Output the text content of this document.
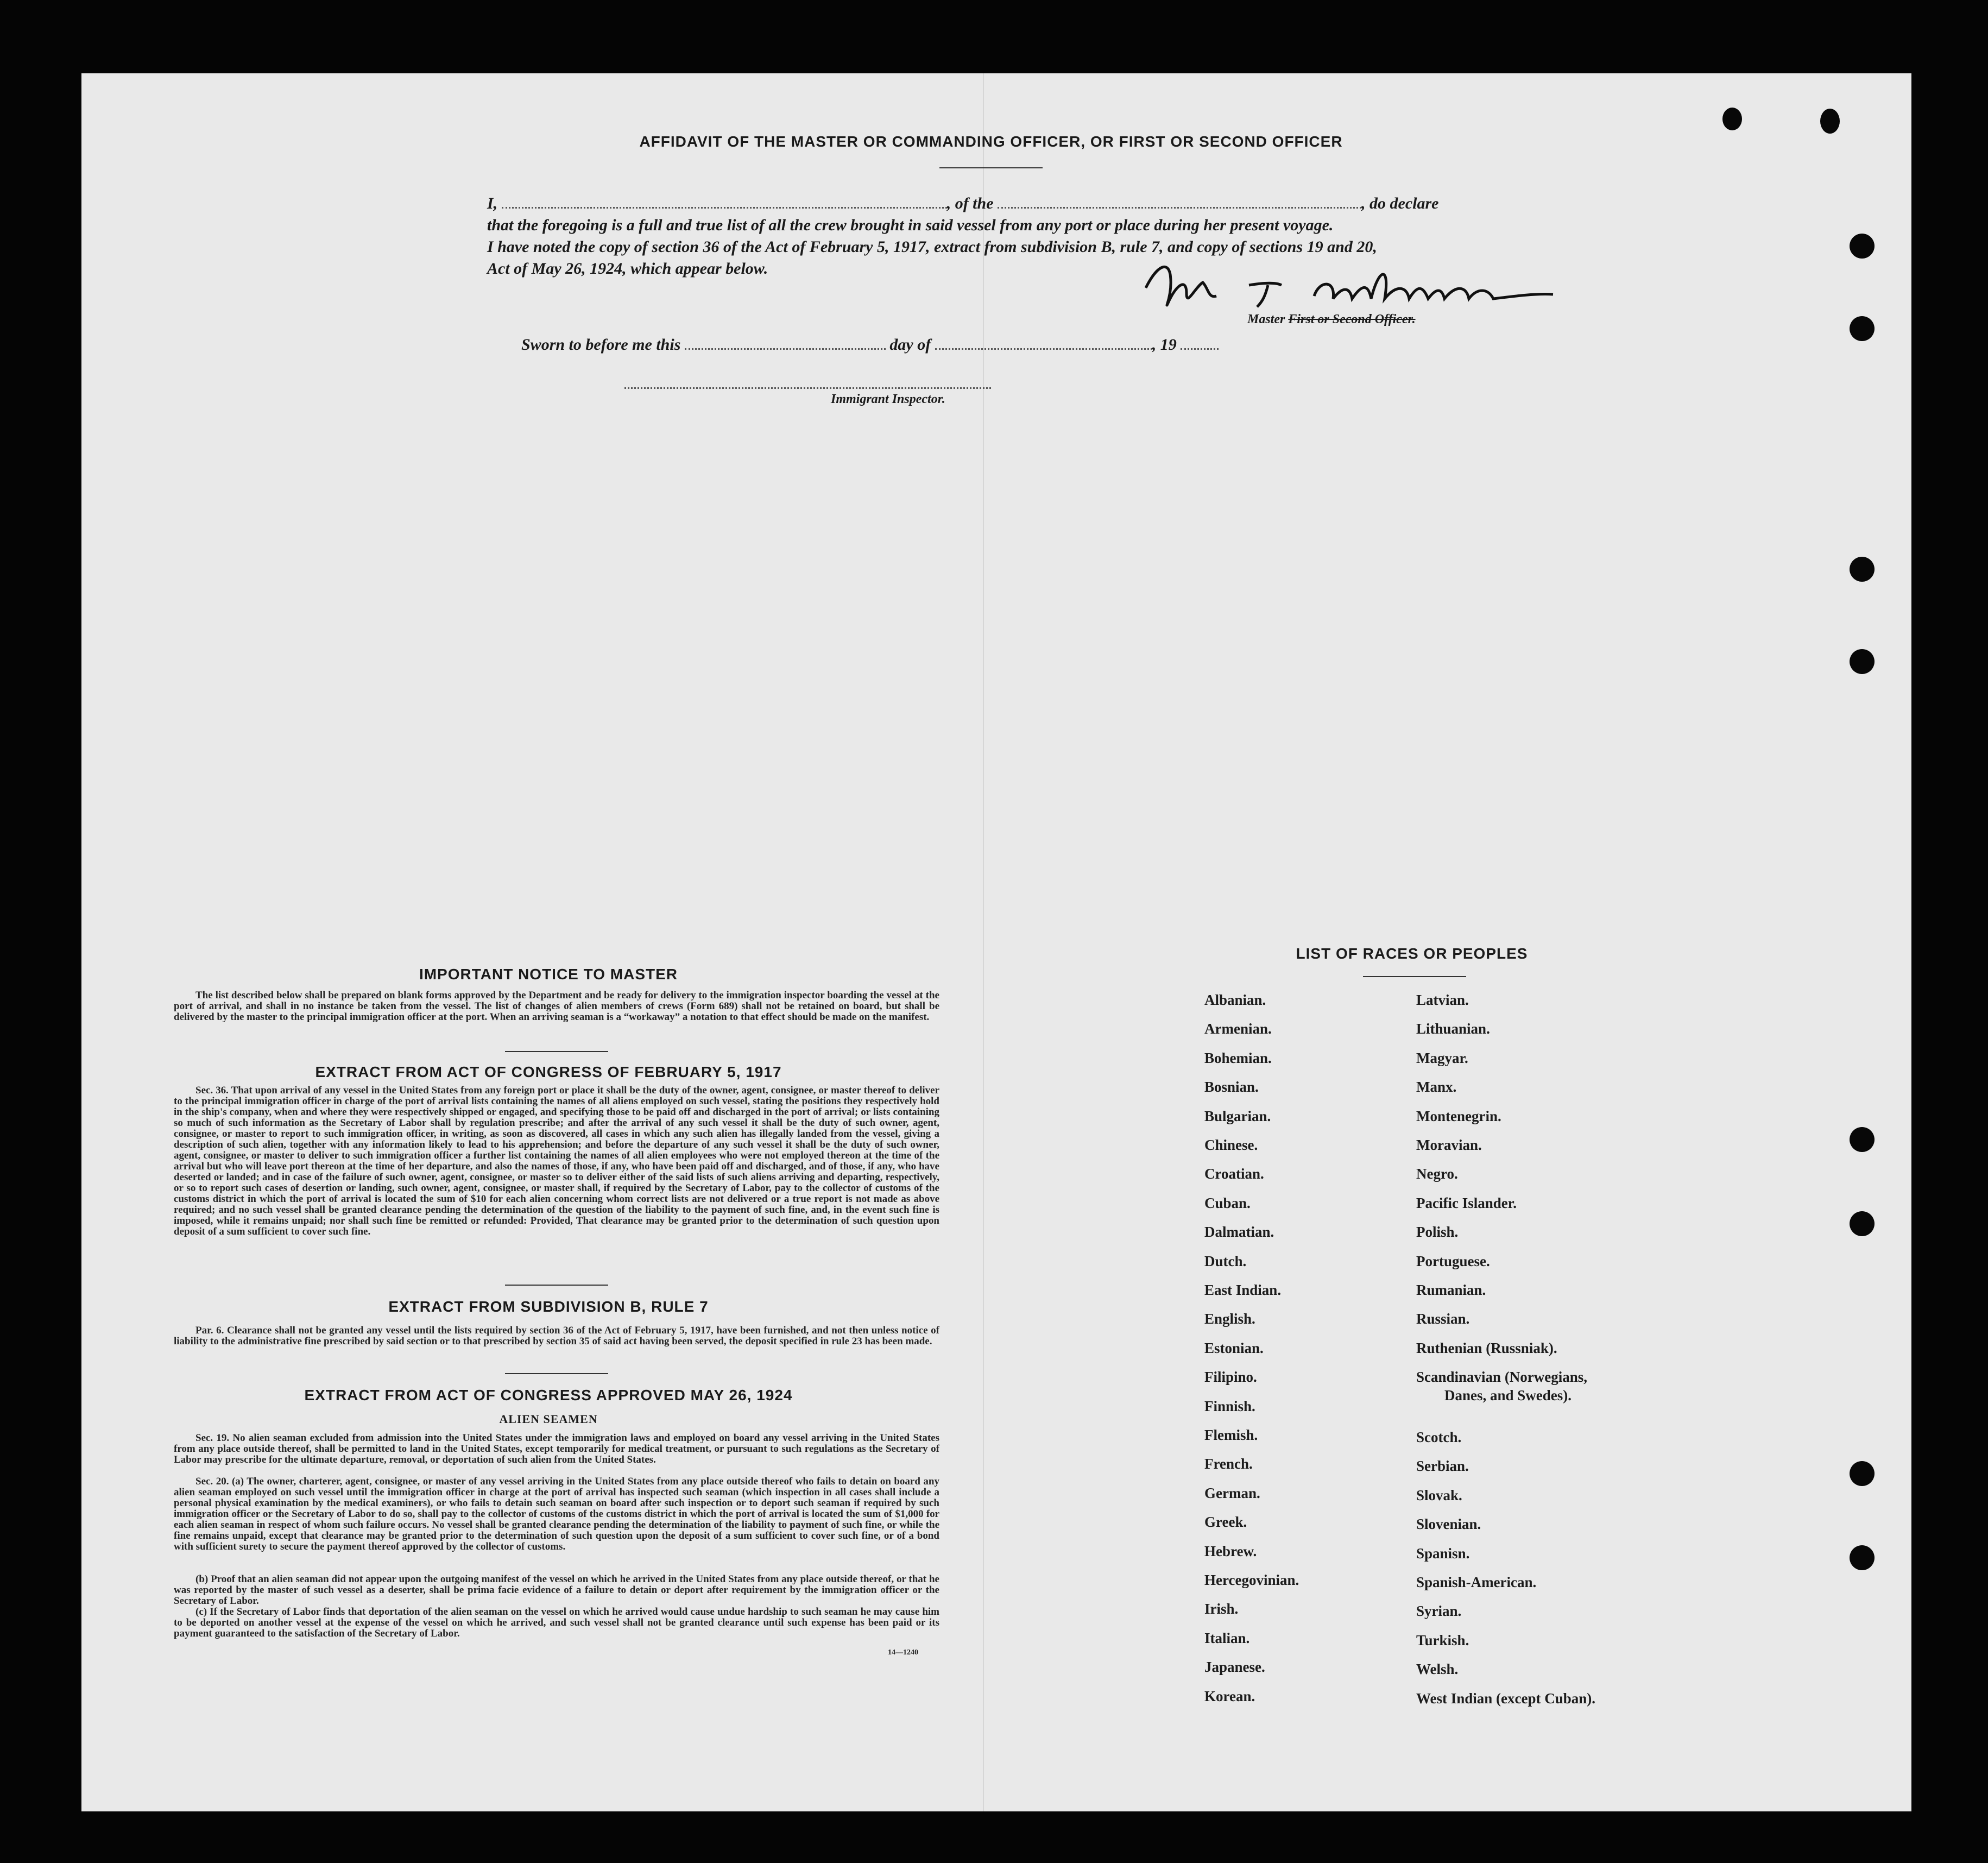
AFFIDAVIT OF THE MASTER OR COMMANDING OFFICER, OR FIRST OR SECOND OFFICER
I,	, of the	, do declare
that the foregoing is a full and true list of all the crew brought in said vessel from any port or place during her present voyage.
I have noted the copy of section 36 of the Act of February 5, 1917, extract from subdivision B, rule 7, and copy of sections 19 and 20,
Act of May 26, 1924, which appear below.
Master First or Second Officer.
Sworn to before me this	day of	, 19
Immigrant Inspector.
IMPORTANT NOTICE TO MASTER
The list described below shall be prepared on blank forms approved by the Department and be ready for delivery to the immigration inspector boarding the vessel at the port of arrival, and shall in no instance be taken from the vessel. The list of changes of alien members of crews (Form 689) shall not be retained on board, but shall be delivered by the master to the principal immigration officer at the port. When an arriving seaman is a “workaway” a notation to that effect should be made on the manifest.
EXTRACT FROM ACT OF CONGRESS OF FEBRUARY 5, 1917
Sec. 36. That upon arrival of any vessel in the United States from any foreign port or place it shall be the duty of the owner, agent, consignee, or master thereof to deliver to the principal immigration officer in charge of the port of arrival lists containing the names of all aliens employed on such vessel, stating the positions they respectively hold in the ship's company, when and where they were respectively shipped or engaged, and specifying those to be paid off and discharged in the port of arrival; or lists containing so much of such information as the Secretary of Labor shall by regulation prescribe; and after the arrival of any such vessel it shall be the duty of such owner, agent, consignee, or master to report to such immigration officer, in writing, as soon as discovered, all cases in which any such alien has illegally landed from the vessel, giving a description of such alien, together with any information likely to lead to his apprehension; and before the departure of any such vessel it shall be the duty of such owner, agent, consignee, or master to deliver to such immigration officer a further list containing the names of all alien employees who were not employed thereon at the time of the arrival but who will leave port thereon at the time of her departure, and also the names of those, if any, who have been paid off and discharged, and of those, if any, who have deserted or landed; and in case of the failure of such owner, agent, consignee, or master so to deliver either of the said lists of such aliens arriving and departing, respectively, or so to report such cases of desertion or landing, such owner, agent, consignee, or master shall, if required by the Secretary of Labor, pay to the collector of customs of the customs district in which the port of arrival is located the sum of $10 for each alien concerning whom correct lists are not delivered or a true report is not made as above required; and no such vessel shall be granted clearance pending the determination of the question of the liability to the payment of such fine, and, in the event such fine is imposed, while it remains unpaid; nor shall such fine be remitted or refunded: Provided, That clearance may be granted prior to the determination of such question upon deposit of a sum sufficient to cover such fine.
EXTRACT FROM SUBDIVISION B, RULE 7
Par. 6. Clearance shall not be granted any vessel until the lists required by section 36 of the Act of February 5, 1917, have been furnished, and not then unless notice of liability to the administrative fine prescribed by said section or to that prescribed by section 35 of said act having been served, the deposit specified in rule 23 has been made.
EXTRACT FROM ACT OF CONGRESS APPROVED MAY 26, 1924
ALIEN SEAMEN
Sec. 19. No alien seaman excluded from admission into the United States under the immigration laws and employed on board any vessel arriving in the United States from any place outside thereof, shall be permitted to land in the United States, except temporarily for medical treatment, or pursuant to such regulations as the Secretary of Labor may prescribe for the ultimate departure, removal, or deportation of such alien from the United States.
Sec. 20. (a) The owner, charterer, agent, consignee, or master of any vessel arriving in the United States from any place outside thereof who fails to detain on board any alien seaman employed on such vessel until the immigration officer in charge at the port of arrival has inspected such seaman (which inspection in all cases shall include a personal physical examination by the medical examiners), or who fails to detain such seaman on board after such inspection or to deport such seaman if required by such immigration officer or the Secretary of Labor to do so, shall pay to the collector of customs of the customs district in which the port of arrival is located the sum of $1,000 for each alien seaman in respect of whom such failure occurs. No vessel shall be granted clearance pending the determination of the liability to payment of such fine, or while the fine remains unpaid, except that clearance may be granted prior to the determination of such question upon the deposit of a sum sufficient to cover such fine, or of a bond with sufficient surety to secure the payment thereof approved by the collector of customs.
(b) Proof that an alien seaman did not appear upon the outgoing manifest of the vessel on which he arrived in the United States from any place outside thereof, or that he was reported by the master of such vessel as a deserter, shall be prima facie evidence of a failure to detain or deport after requirement by the immigration officer or the Secretary of Labor.
(c) If the Secretary of Labor finds that deportation of the alien seaman on the vessel on which he arrived would cause undue hardship to such seaman he may cause him to be deported on another vessel at the expense of the vessel on which he arrived, and such vessel shall not be granted clearance until such expense has been paid or its payment guaranteed to the satisfaction of the Secretary of Labor.
14—1240
LIST OF RACES OR PEOPLES
Albanian.
Armenian.
Bohemian.
Bosnian.
Bulgarian.
Chinese.
Croatian.
Cuban.
Dalmatian.
Dutch.
East Indian.
English.
Estonian.
Filipino.
Finnish.
Flemish.
French.
German.
Greek.
Hebrew.
Hercegovinian.
Irish.
Italian.
Japanese.
Korean.
Latvian.
Lithuanian.
Magyar.
Manx.
Montenegrin.
Moravian.
Negro.
Pacific Islander.
Polish.
Portuguese.
Rumanian.
Russian.
Ruthenian (Russniak).
Scandinavian (Norwegians,
Danes, and Swedes).
Scotch.
Serbian.
Slovak.
Slovenian.
Spanisn.
Spanish-American.
Syrian.
Turkish.
Welsh.
West Indian (except Cuban).
